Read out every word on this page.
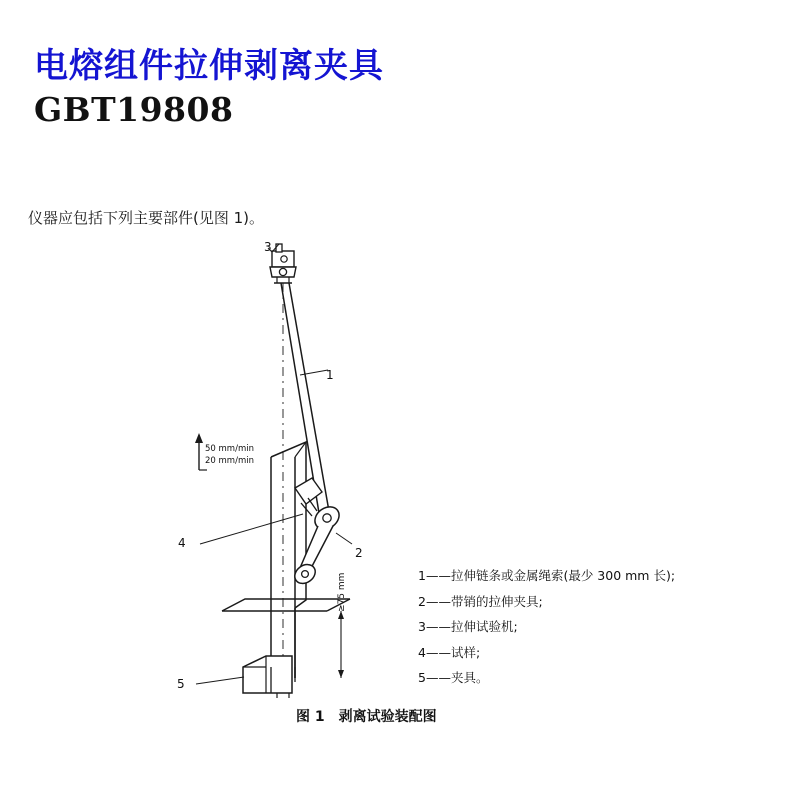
电熔组件拉伸剥离夹具
GBT19808
仪器应包括下列主要部件(见图 1)。
50 mm/min
20 mm/min
≥75 mm
3
1
2
4
5
1——拉伸链条或金属绳索(最少 300 mm 长);
2——带销的拉伸夹具;
3——拉伸试验机;
4——试样;
5——夹具。
图 1 剥离试验装配图
